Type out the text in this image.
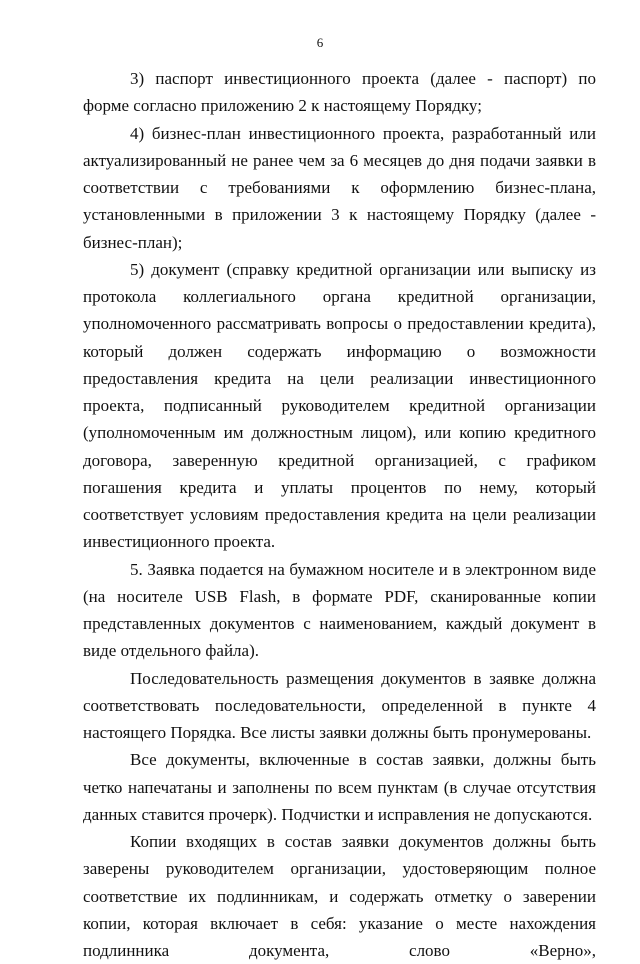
6

3) паспорт инвестиционного проекта (далее - паспорт) по форме согласно приложению 2 к настоящему Порядку;

4) бизнес-план инвестиционного проекта, разработанный или актуализированный не ранее чем за 6 месяцев до дня подачи заявки в соответствии с требованиями к оформлению бизнес-плана, установленными в приложении 3 к настоящему Порядку (далее - бизнес-план);

5) документ (справку кредитной организации или выписку из протокола коллегиального органа кредитной организации, уполномоченного рассматривать вопросы о предоставлении кредита), который должен содержать информацию о возможности предоставления кредита на цели реализации инвестиционного проекта, подписанный руководителем кредитной организации (уполномоченным им должностным лицом), или копию кредитного договора, заверенную кредитной организацией, с графиком погашения кредита и уплаты процентов по нему, который соответствует условиям предоставления кредита на цели реализации инвестиционного проекта.

5. Заявка подается на бумажном носителе и в электронном виде (на носителе USB Flash, в формате PDF, сканированные копии представленных документов с наименованием, каждый документ в виде отдельного файла).

Последовательность размещения документов в заявке должна соответствовать последовательности, определенной в пункте 4 настоящего Порядка. Все листы заявки должны быть пронумерованы.

Все документы, включенные в состав заявки, должны быть четко напечатаны и заполнены по всем пунктам (в случае отсутствия данных ставится прочерк). Подчистки и исправления не допускаются.

Копии входящих в состав заявки документов должны быть заверены руководителем организации, удостоверяющим полное соответствие их подлинникам, и содержать отметку о заверении копии, которая включает в себя: указание о месте нахождения подлинника документа, слово «Верно»,
